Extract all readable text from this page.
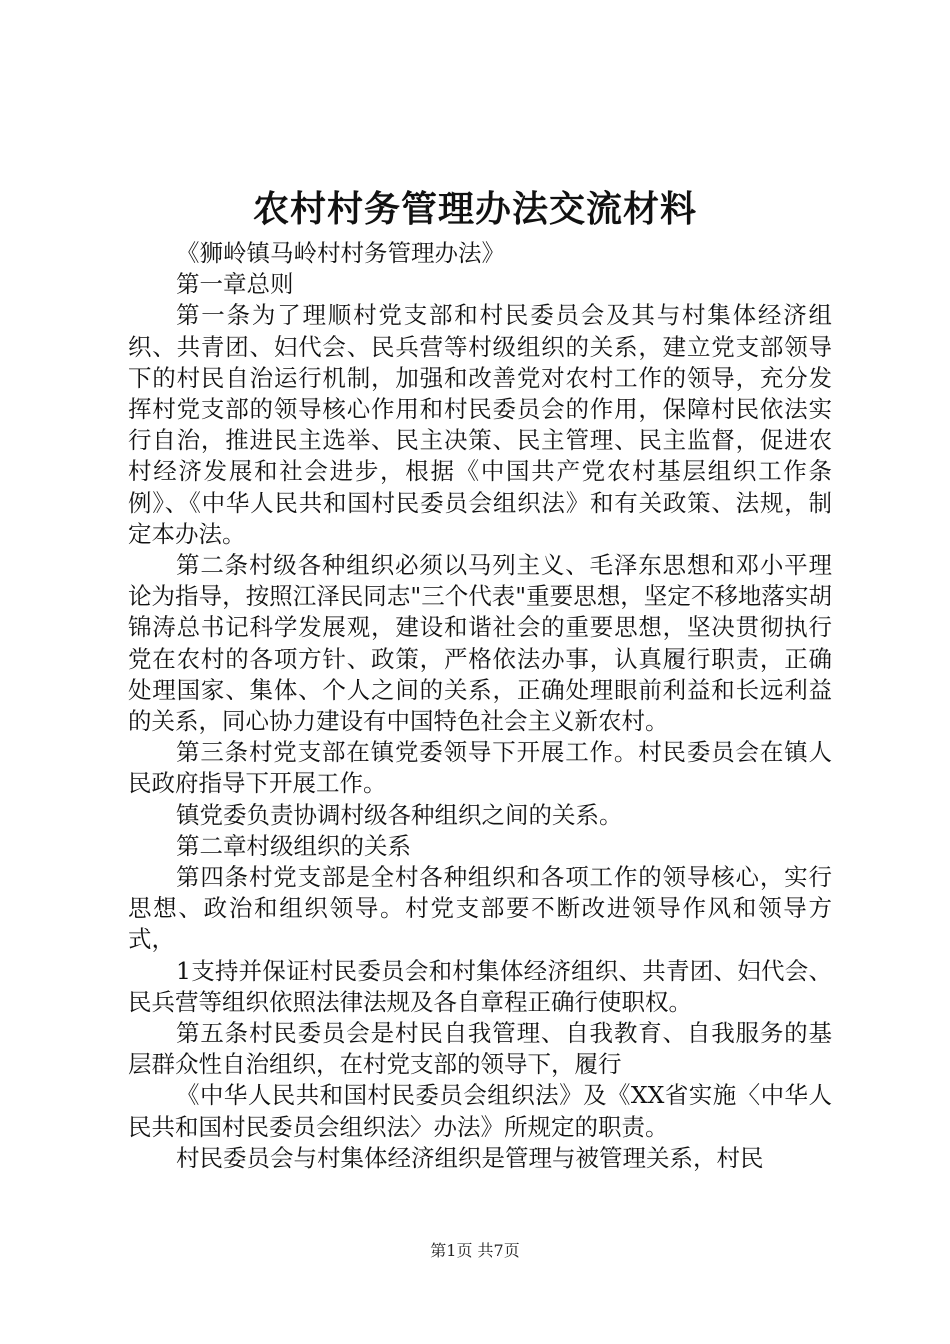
农村村务管理办法交流材料

《狮岭镇马岭村村务管理办法》

第一章总则

第一条为了理顺村党支部和村民委员会及其与村集体经济组织、共青团、妇代会、民兵营等村级组织的关系，建立党支部领导下的村民自治运行机制，加强和改善党对农村工作的领导，充分发挥村党支部的领导核心作用和村民委员会的作用，保障村民依法实行自治，推进民主选举、民主决策、民主管理、民主监督，促进农村经济发展和社会进步，根据《中国共产党农村基层组织工作条例》、《中华人民共和国村民委员会组织法》和有关政策、法规，制定本办法。

第二条村级各种组织必须以马列主义、毛泽东思想和邓小平理论为指导，按照江泽民同志"三个代表"重要思想，坚定不移地落实胡锦涛总书记科学发展观，建设和谐社会的重要思想，坚决贯彻执行党在农村的各项方针、政策，严格依法办事，认真履行职责，正确处理国家、集体、个人之间的关系，正确处理眼前利益和长远利益的关系，同心协力建设有中国特色社会主义新农村。

第三条村党支部在镇党委领导下开展工作。村民委员会在镇人民政府指导下开展工作。

镇党委负责协调村级各种组织之间的关系。

第二章村级组织的关系

第四条村党支部是全村各种组织和各项工作的领导核心，实行思想、政治和组织领导。村党支部要不断改进领导作风和领导方式，

1支持并保证村民委员会和村集体经济组织、共青团、妇代会、民兵营等组织依照法律法规及各自章程正确行使职权。

第五条村民委员会是村民自我管理、自我教育、自我服务的基层群众性自治组织，在村党支部的领导下，履行

《中华人民共和国村民委员会组织法》及《XX省实施〈中华人民共和国村民委员会组织法〉办法》所规定的职责。

村民委员会与村集体经济组织是管理与被管理关系，村民

第1页 共7页
